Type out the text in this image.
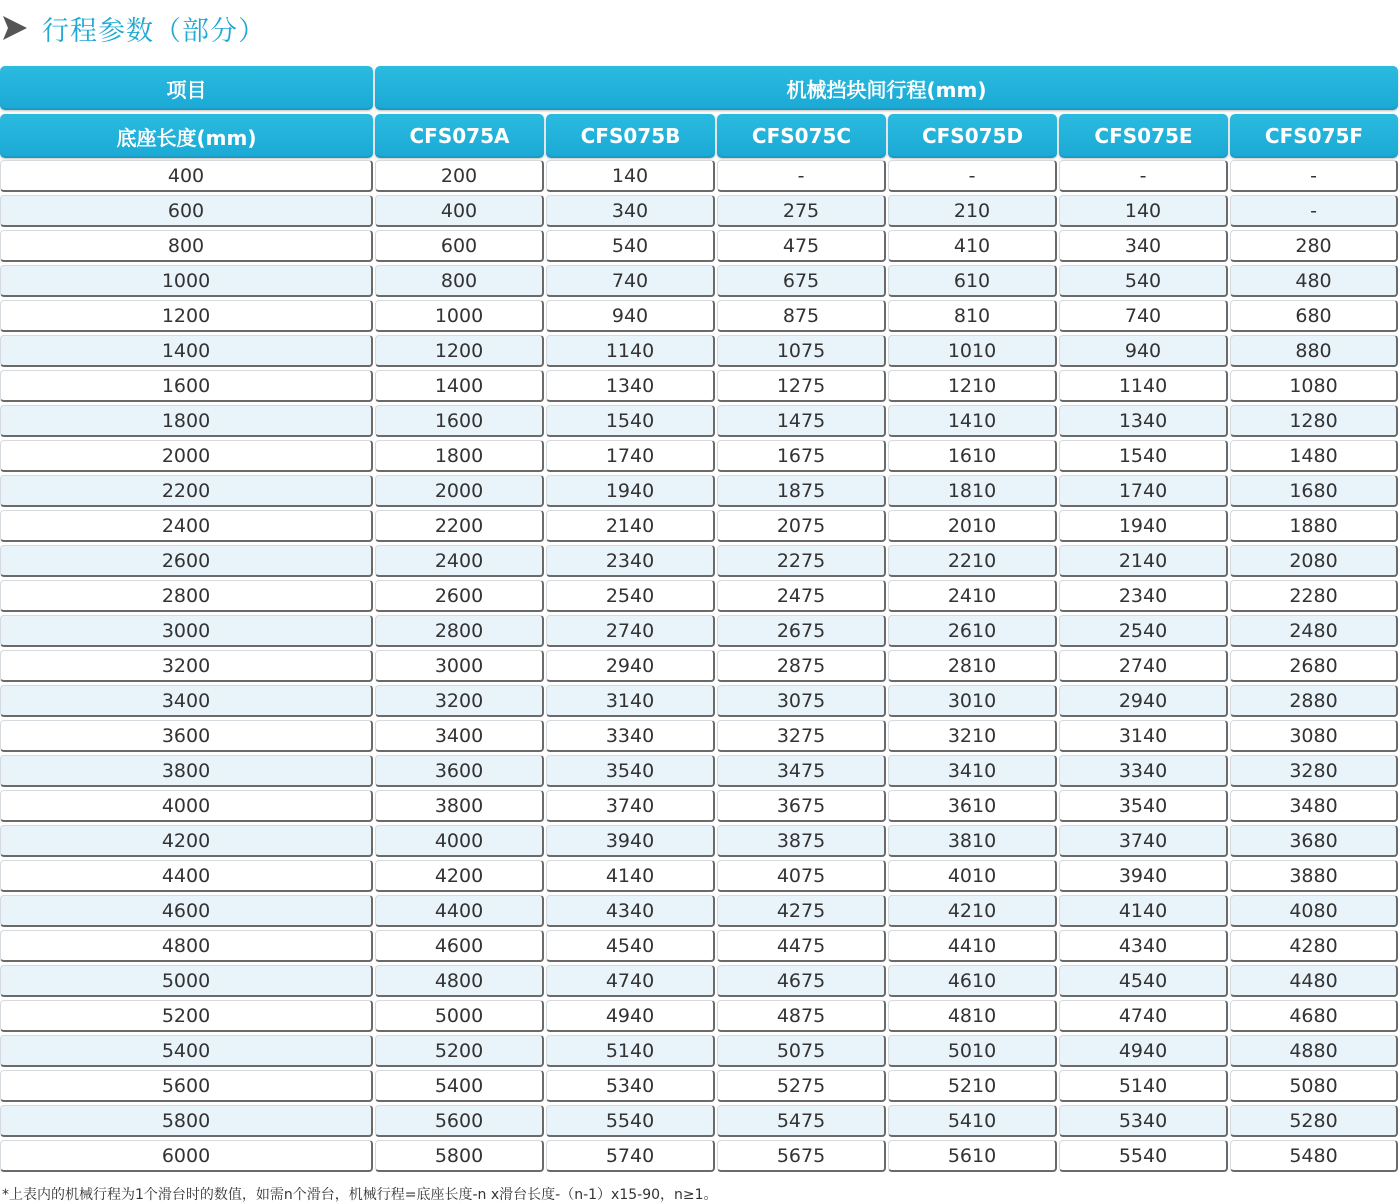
行程参数（部分）
项目	机械挡块间行程(mm)
底座长度(mm)	CFS075A	CFS075B	CFS075C	CFS075D	CFS075E	CFS075F
400	200	140	-	-	-	-
600	400	340	275	210	140	-
800	600	540	475	410	340	280
1000	800	740	675	610	540	480
1200	1000	940	875	810	740	680
1400	1200	1140	1075	1010	940	880
1600	1400	1340	1275	1210	1140	1080
1800	1600	1540	1475	1410	1340	1280
2000	1800	1740	1675	1610	1540	1480
2200	2000	1940	1875	1810	1740	1680
2400	2200	2140	2075	2010	1940	1880
2600	2400	2340	2275	2210	2140	2080
2800	2600	2540	2475	2410	2340	2280
3000	2800	2740	2675	2610	2540	2480
3200	3000	2940	2875	2810	2740	2680
3400	3200	3140	3075	3010	2940	2880
3600	3400	3340	3275	3210	3140	3080
3800	3600	3540	3475	3410	3340	3280
4000	3800	3740	3675	3610	3540	3480
4200	4000	3940	3875	3810	3740	3680
4400	4200	4140	4075	4010	3940	3880
4600	4400	4340	4275	4210	4140	4080
4800	4600	4540	4475	4410	4340	4280
5000	4800	4740	4675	4610	4540	4480
5200	5000	4940	4875	4810	4740	4680
5400	5200	5140	5075	5010	4940	4880
5600	5400	5340	5275	5210	5140	5080
5800	5600	5540	5475	5410	5340	5280
6000	5800	5740	5675	5610	5540	5480
*上表内的机械行程为1个滑台时的数值，如需n个滑台，机械行程=底座长度-n x滑台长度-（n-1）x15-90，n≥1。
